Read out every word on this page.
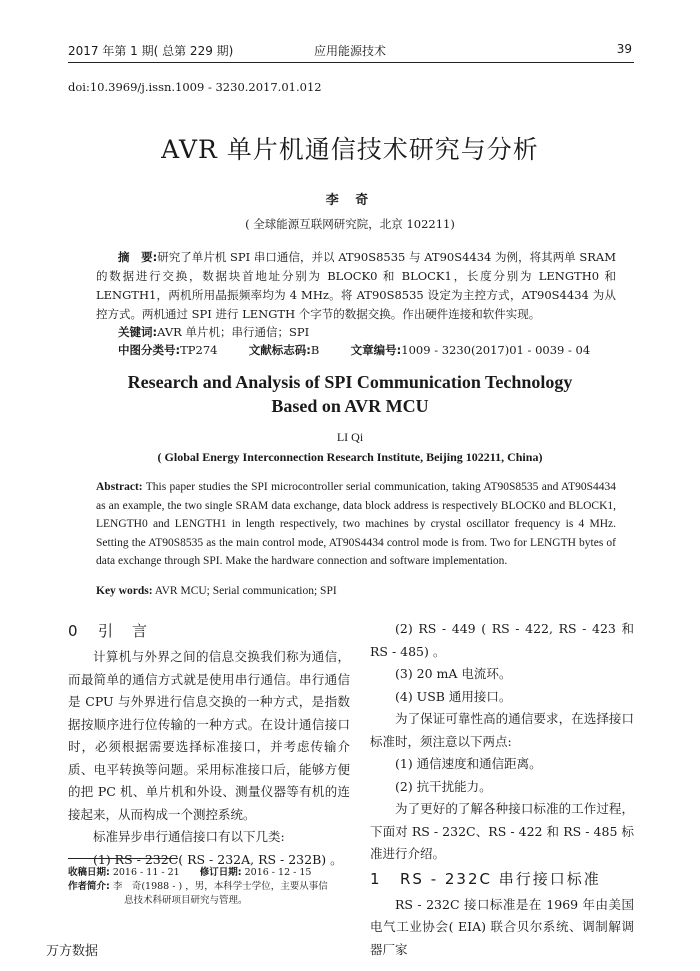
2017 年第 1 期( 总第 229 期)	应用能源技术	39
doi:10.3969/j.issn.1009 - 3230.2017.01.012
AVR 单片机通信技术研究与分析
李 奇
( 全球能源互联网研究院，北京 102211)
摘　要:研究了单片机 SPI 串口通信，并以 AT90S8535 与 AT90S4434 为例，将其两单 SRAM 的数据进行交换，数据块首地址分别为 BLOCK0 和 BLOCK1，长度分别为 LENGTH0 和 LENGTH1，两机所用晶振频率均为 4 MHz。将 AT90S8535 设定为主控方式，AT90S4434 为从控方式。两机通过 SPI 进行 LENGTH 个字节的数据交换。作出硬件连接和软件实现。
关键词:AVR 单片机；串行通信；SPI
中图分类号:TP274	文献标志码:B	文章编号:1009 - 3230(2017)01 - 0039 - 04
Research and Analysis of SPI Communication Technology
Based on AVR MCU
LI Qi
( Global Energy Interconnection Research Institute, Beijing 102211, China)
Abstract: This paper studies the SPI microcontroller serial communication, taking AT90S8535 and AT90S4434 as an example, the two single SRAM data exchange, data block address is respectively BLOCK0 and BLOCK1, LENGTH0 and LENGTH1 in length respectively, two machines by crystal oscillator frequency is 4 MHz. Setting the AT90S8535 as the main control mode, AT90S4434 control mode is from. Two for LENGTH bytes of data exchange through SPI. Make the hardware connection and software implementation.
Key words: AVR MCU; Serial communication; SPI
0 引　言
计算机与外界之间的信息交换我们称为通信，而最简单的通信方式就是使用串行通信。串行通信是 CPU 与外界进行信息交换的一种方式，是指数据按顺序进行位传输的一种方式。在设计通信接口时，必须根据需要选择标准接口，并考虑传输介质、电平转换等问题。采用标准接口后，能够方便的把 PC 机、单片机和外设、测量仪器等有机的连接起来，从而构成一个测控系统。
标准异步串行通信接口有以下几类:
(1) RS - 232C( RS - 232A, RS - 232B) 。
(2) RS - 449 ( RS - 422, RS - 423 和 RS - 485) 。
(3) 20 mA 电流环。
(4) USB 通用接口。
为了保证可靠性高的通信要求，在选择接口标准时，须注意以下两点:
(1) 通信速度和通信距离。
(2) 抗干扰能力。
为了更好的了解各种接口标准的工作过程，下面对 RS - 232C、RS - 422 和 RS - 485 标准进行介绍。
1 RS - 232C 串行接口标准
RS - 232C 接口标准是在 1969 年由美国电气工业协会( EIA) 联合贝尔系统、调制解调器厂家
收稿日期: 2016 - 11 - 21 修订日期: 2016 - 12 - 15
作者简介: 李　奇(1988 - ) ，男，本科学士学位，主要从事信
息技术科研项目研究与管理。
万方数据
